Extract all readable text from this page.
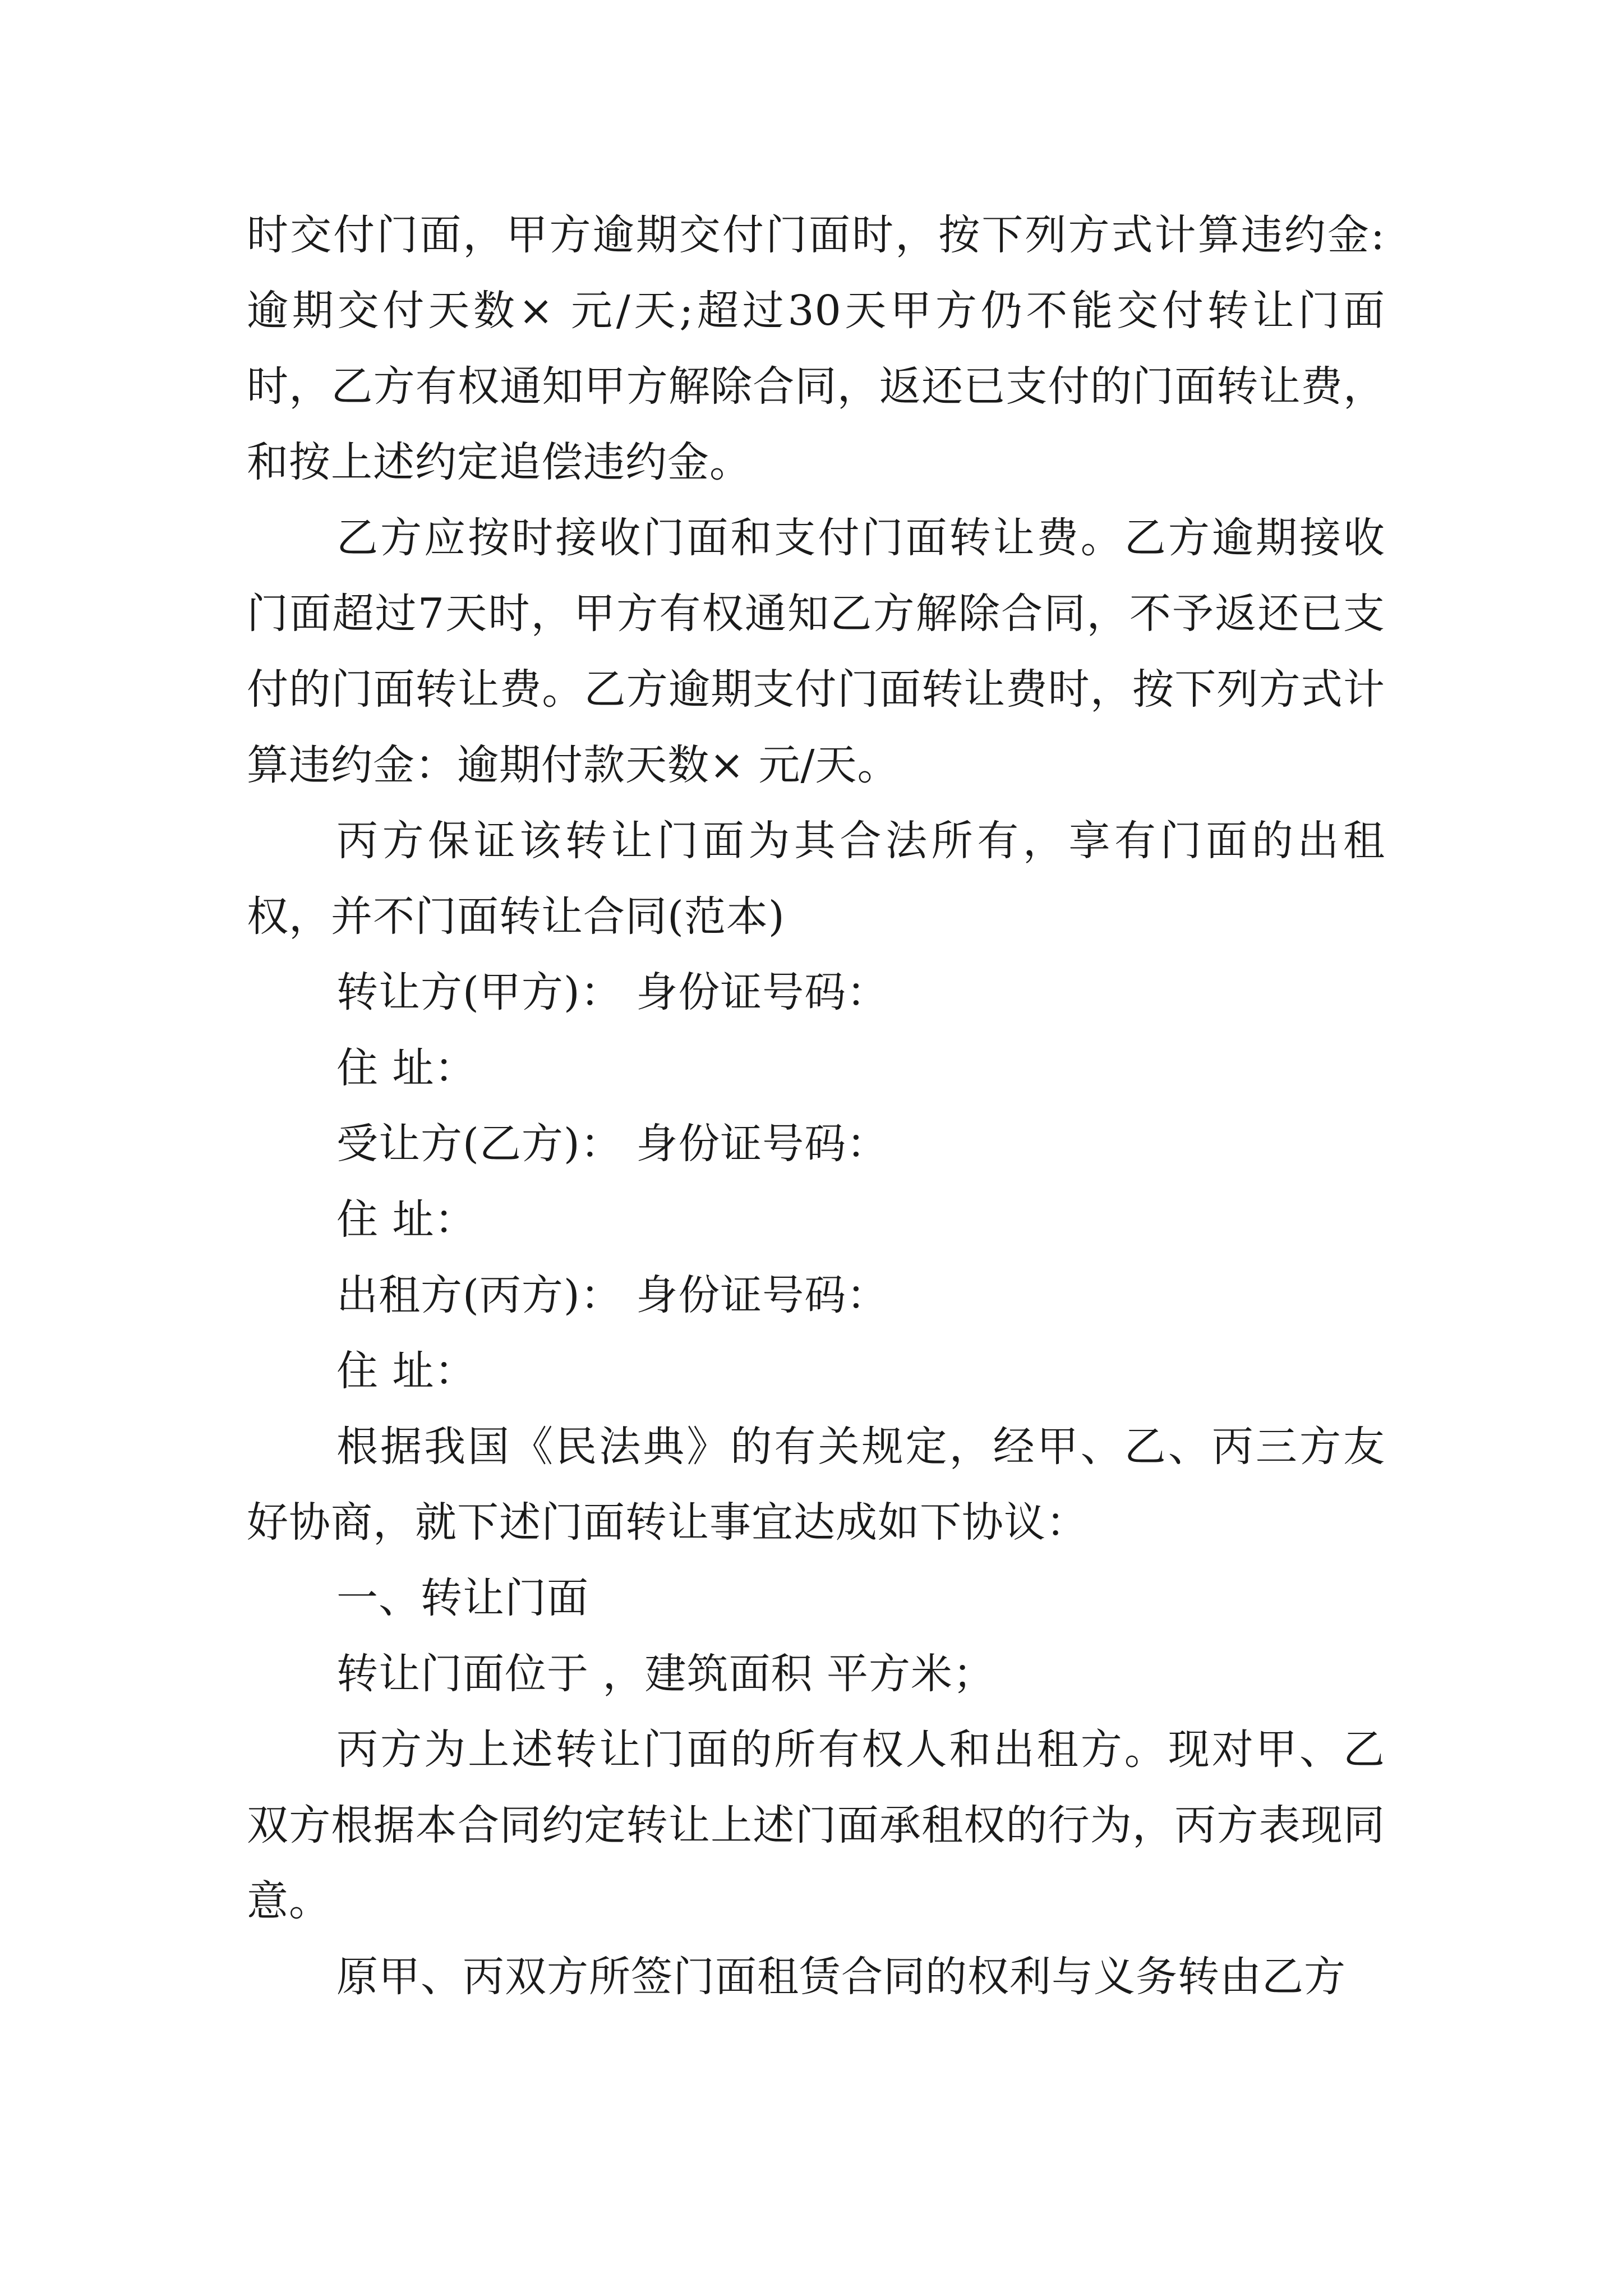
时交付门面，甲方逾期交付门面时，按下列方式计算违约金:逾期交付天数× 元/天;超过30天甲方仍不能交付转让门面时，乙方有权通知甲方解除合同，返还已支付的门面转让费，和按上述约定追偿违约金。

乙方应按时接收门面和支付门面转让费。乙方逾期接收门面超过7天时，甲方有权通知乙方解除合同，不予返还已支付的门面转让费。乙方逾期支付门面转让费时，按下列方式计算违约金：逾期付款天数× 元/天。

丙方保证该转让门面为其合法所有，享有门面的出租权，并不门面转让合同(范本)

转让方(甲方)： 身份证号码：

住 址：

受让方(乙方)： 身份证号码：

住 址：

出租方(丙方)： 身份证号码：

住 址：

根据我国《民法典》的有关规定，经甲、乙、丙三方友好协商，就下述门面转让事宜达成如下协议：

一、转让门面

转让门面位于 ，建筑面积 平方米；

丙方为上述转让门面的所有权人和出租方。现对甲、乙双方根据本合同约定转让上述门面承租权的行为，丙方表现同意。

原甲、丙双方所签门面租赁合同的权利与义务转由乙方
